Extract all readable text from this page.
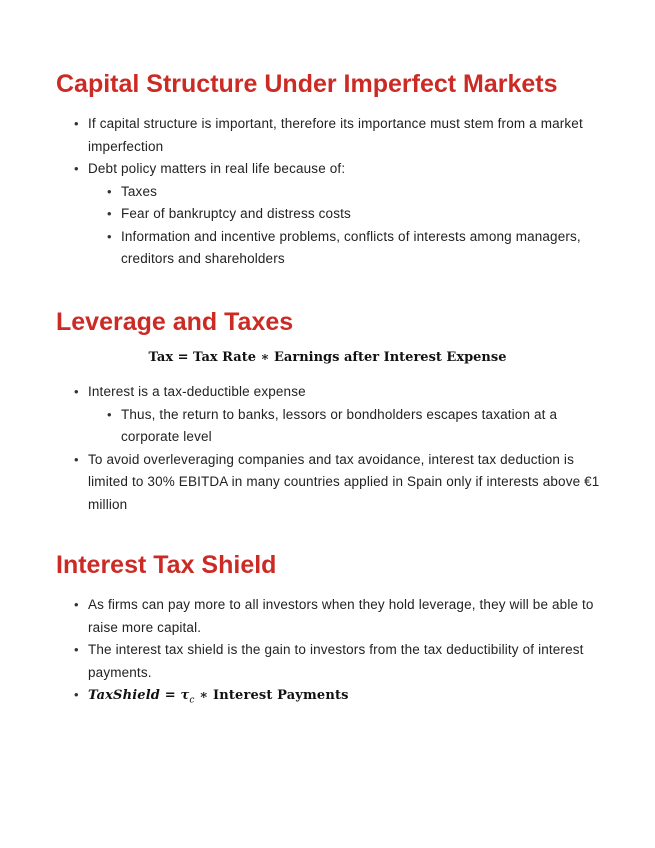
Capital Structure Under Imperfect Markets
• If capital structure is important, therefore its importance must stem from a market imperfection
• Debt policy matters in real life because of:
• Taxes
• Fear of bankruptcy and distress costs
• Information and incentive problems, conflicts of interests among managers, creditors and shareholders
Leverage and Taxes
Tax = Tax Rate ∗ Earnings after Interest Expense
• Interest is a tax-deductible expense
• Thus, the return to banks, lessors or bondholders escapes taxation at a corporate level
• To avoid overleveraging companies and tax avoidance, interest tax deduction is limited to 30% EBITDA in many countries applied in Spain only if interests above €1 million
Interest Tax Shield
• As firms can pay more to all investors when they hold leverage, they will be able to raise more capital.
• The interest tax shield is the gain to investors from the tax deductibility of interest payments.
• TaxShield = $\tau_c$ ∗ Interest Payments
